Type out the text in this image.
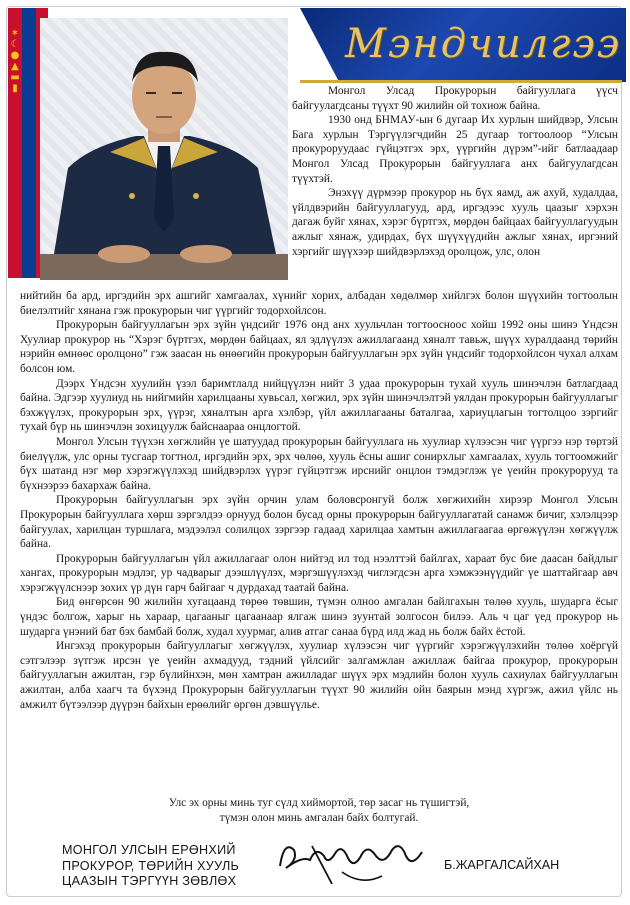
✶
☾
●
▲
▬
▮
Мэндчилгээ

Монгол Улсад Прокурорын байгууллага үүсч байгуулагдсаны түүхт 90 жилийн ой тохиож байна.

1930 онд БНМАУ-ын 6 дугаар Их хурлын шийдвэр, Улсын Бага хурлын Тэргүүлэгчдийн 25 дугаар тогтоолоор “Улсын прокуроруудаас гүйцэтгэх эрх, үүргийн дүрэм”-ийг батлаадаар Монгол Улсад Прокурорын байгууллага анх байгуулагдсан түүхтэй.

Энэхүү дүрмээр прокурор нь бүх яамд, аж ахуй, худалдаа, үйлдвэрийн байгууллагууд, ард, иргэдээс хууль цаазыг хэрхэн дагаж буйг хянах, хэрэг бүртгэх, мөрдөн байцаах байгууллагуудын ажлыг хянаж, удирдах, бүх шүүхүүдийн ажлыг хянах, иргэний хэргийг шүүхээр шийдвэрлэхэд оролцож, улс, олон

нийтийн ба ард, иргэдийн эрх ашгийг хамгаалах, хүнийг хорих, албадан хөдөлмөр хийлгэх болон шүүхийн тогтоолын биелэлтийг хянана гэж прокурорын чиг үүргийг тодорхойлсон.

Прокурорын байгууллагын эрх зүйн үндсийг 1976 онд анх хуульчлан тогтоосноос хойш 1992 оны шинэ Үндсэн Хуулиар прокурор нь “Хэрэг бүртгэх, мөрдөн байцаах, ял эдлүүлэх ажиллагаанд хяналт тавьж, шүүх хуралдаанд төрийн нэрийн өмнөөс оролцоно” гэж заасан нь өнөөгийн прокурорын байгууллагын эрх зүйн үндсийг тодорхойлсон чухал алхам болсон юм.

Дээрх Үндсэн хуулийн үзэл баримтлалд нийцүүлэн нийт 3 удаа прокурорын тухай хууль шинэчлэн батлагдаад байна. Эдгээр хуулиуд нь нийгмийн харилцааны хувьсал, хөгжил, эрх зүйн шинэчлэлтэй уялдан прокурорын байгууллагыг бэхжүүлэх, прокурорын эрх, үүрэг, хяналтын арга хэлбэр, үйл ажиллагааны баталгаа, хариуцлагын тогтолцоо зэргийг тухай бүр нь шинэчлэн зохицуулж байснаараа онцлогтой.

Монгол Улсын түүхэн хөгжлийн үе шатуудад прокурорын байгууллага нь хуулиар хүлээсэн чиг үүргээ нэр төртэй биелүүлж, улс орны тусгаар тогтнол, иргэдийн эрх, эрх чөлөө, хууль ёсны ашиг сонирхлыг хамгаалах, хууль тогтоомжийг бүх шатанд нэг мөр хэрэгжүүлэхэд шийдвэрлэх үүрэг гүйцэтгэж ирснийг онцлон тэмдэглэж үе үеийн прокурорууд та бүхнээрээ бахархаж байна.

Прокурорын байгууллагын эрх зүйн орчин улам боловсронгуй болж хөгжихийн хирээр Монгол Улсын Прокурорын байгууллага хөрш зэргэлдээ орнууд болон бусад орны прокурорын байгууллагатай санамж бичиг, хэлэлцээр байгуулах, харилцан туршлага, мэдээлэл солилцох зэргээр гадаад харилцаа хамтын ажиллагаагаа өргөжүүлэн хөгжүүлж байна.

Прокурорын байгууллагын үйл ажиллагааг олон нийтэд ил тод нээлттэй байлгах, хараат бус бие даасан байдлыг хангах, прокурорын мэдлэг, ур чадварыг дээшлүүлэх, мэргэшүүлэхэд чиглэгдсэн арга хэмжээнүүдийг үе шаттайгаар авч хэрэгжүүлснээр зохих үр дүн гарч байгааг ч дурдахад таатай байна.

Бид өнгөрсөн 90 жилийн хугацаанд төрөө төвшин, түмэн олноо амгалан байлгахын төлөө хууль, шударга ёсыг үндэс болгож, харыг нь хараар, цагааныг цагаанаар ялгаж шинэ зуунтай золгосон билээ. Аль ч цаг үед прокурор нь шударга үнэний бат бэх бамбай болж, худал хуурмаг, алив атгаг санаа бүрд илд жад нь болж байх ёстой.

Ингэхэд прокурорын байгууллагыг хөгжүүлэх, хуулиар хүлээсэн чиг үүргийг хэрэгжүүлэхийн төлөө хоёргүй сэтгэлээр зүтгэж ирсэн үе үеийн ахмадууд, тэдний үйлсийг залгамжлан ажиллаж байгаа прокурор, прокурорын байгууллагын ажилтан, гэр бүлийнхэн, мөн хамтран ажилладаг шүүх эрх мэдлийн болон хууль сахиулах байгууллагын ажилтан, алба хаагч та бүхэнд Прокурорын байгууллагын түүхт 90 жилийн ойн баярын мэнд хүргэж, ажил үйлс нь амжилт бүтээлээр дүүрэн байхын ерөөлийг өргөн дэвшүүлье.

Улс эх орны минь туг сүлд хиймортой, төр засаг нь түшигтэй,
түмэн олон минь амгалан байх болтугай.
МОНГОЛ УЛСЫН ЕРӨНХИЙ
ПРОКУРОР, ТӨРИЙН ХУУЛЬ
ЦААЗЫН ТЭРГҮҮН ЗӨВЛӨХ
Б.ЖАРГАЛСАЙХАН
